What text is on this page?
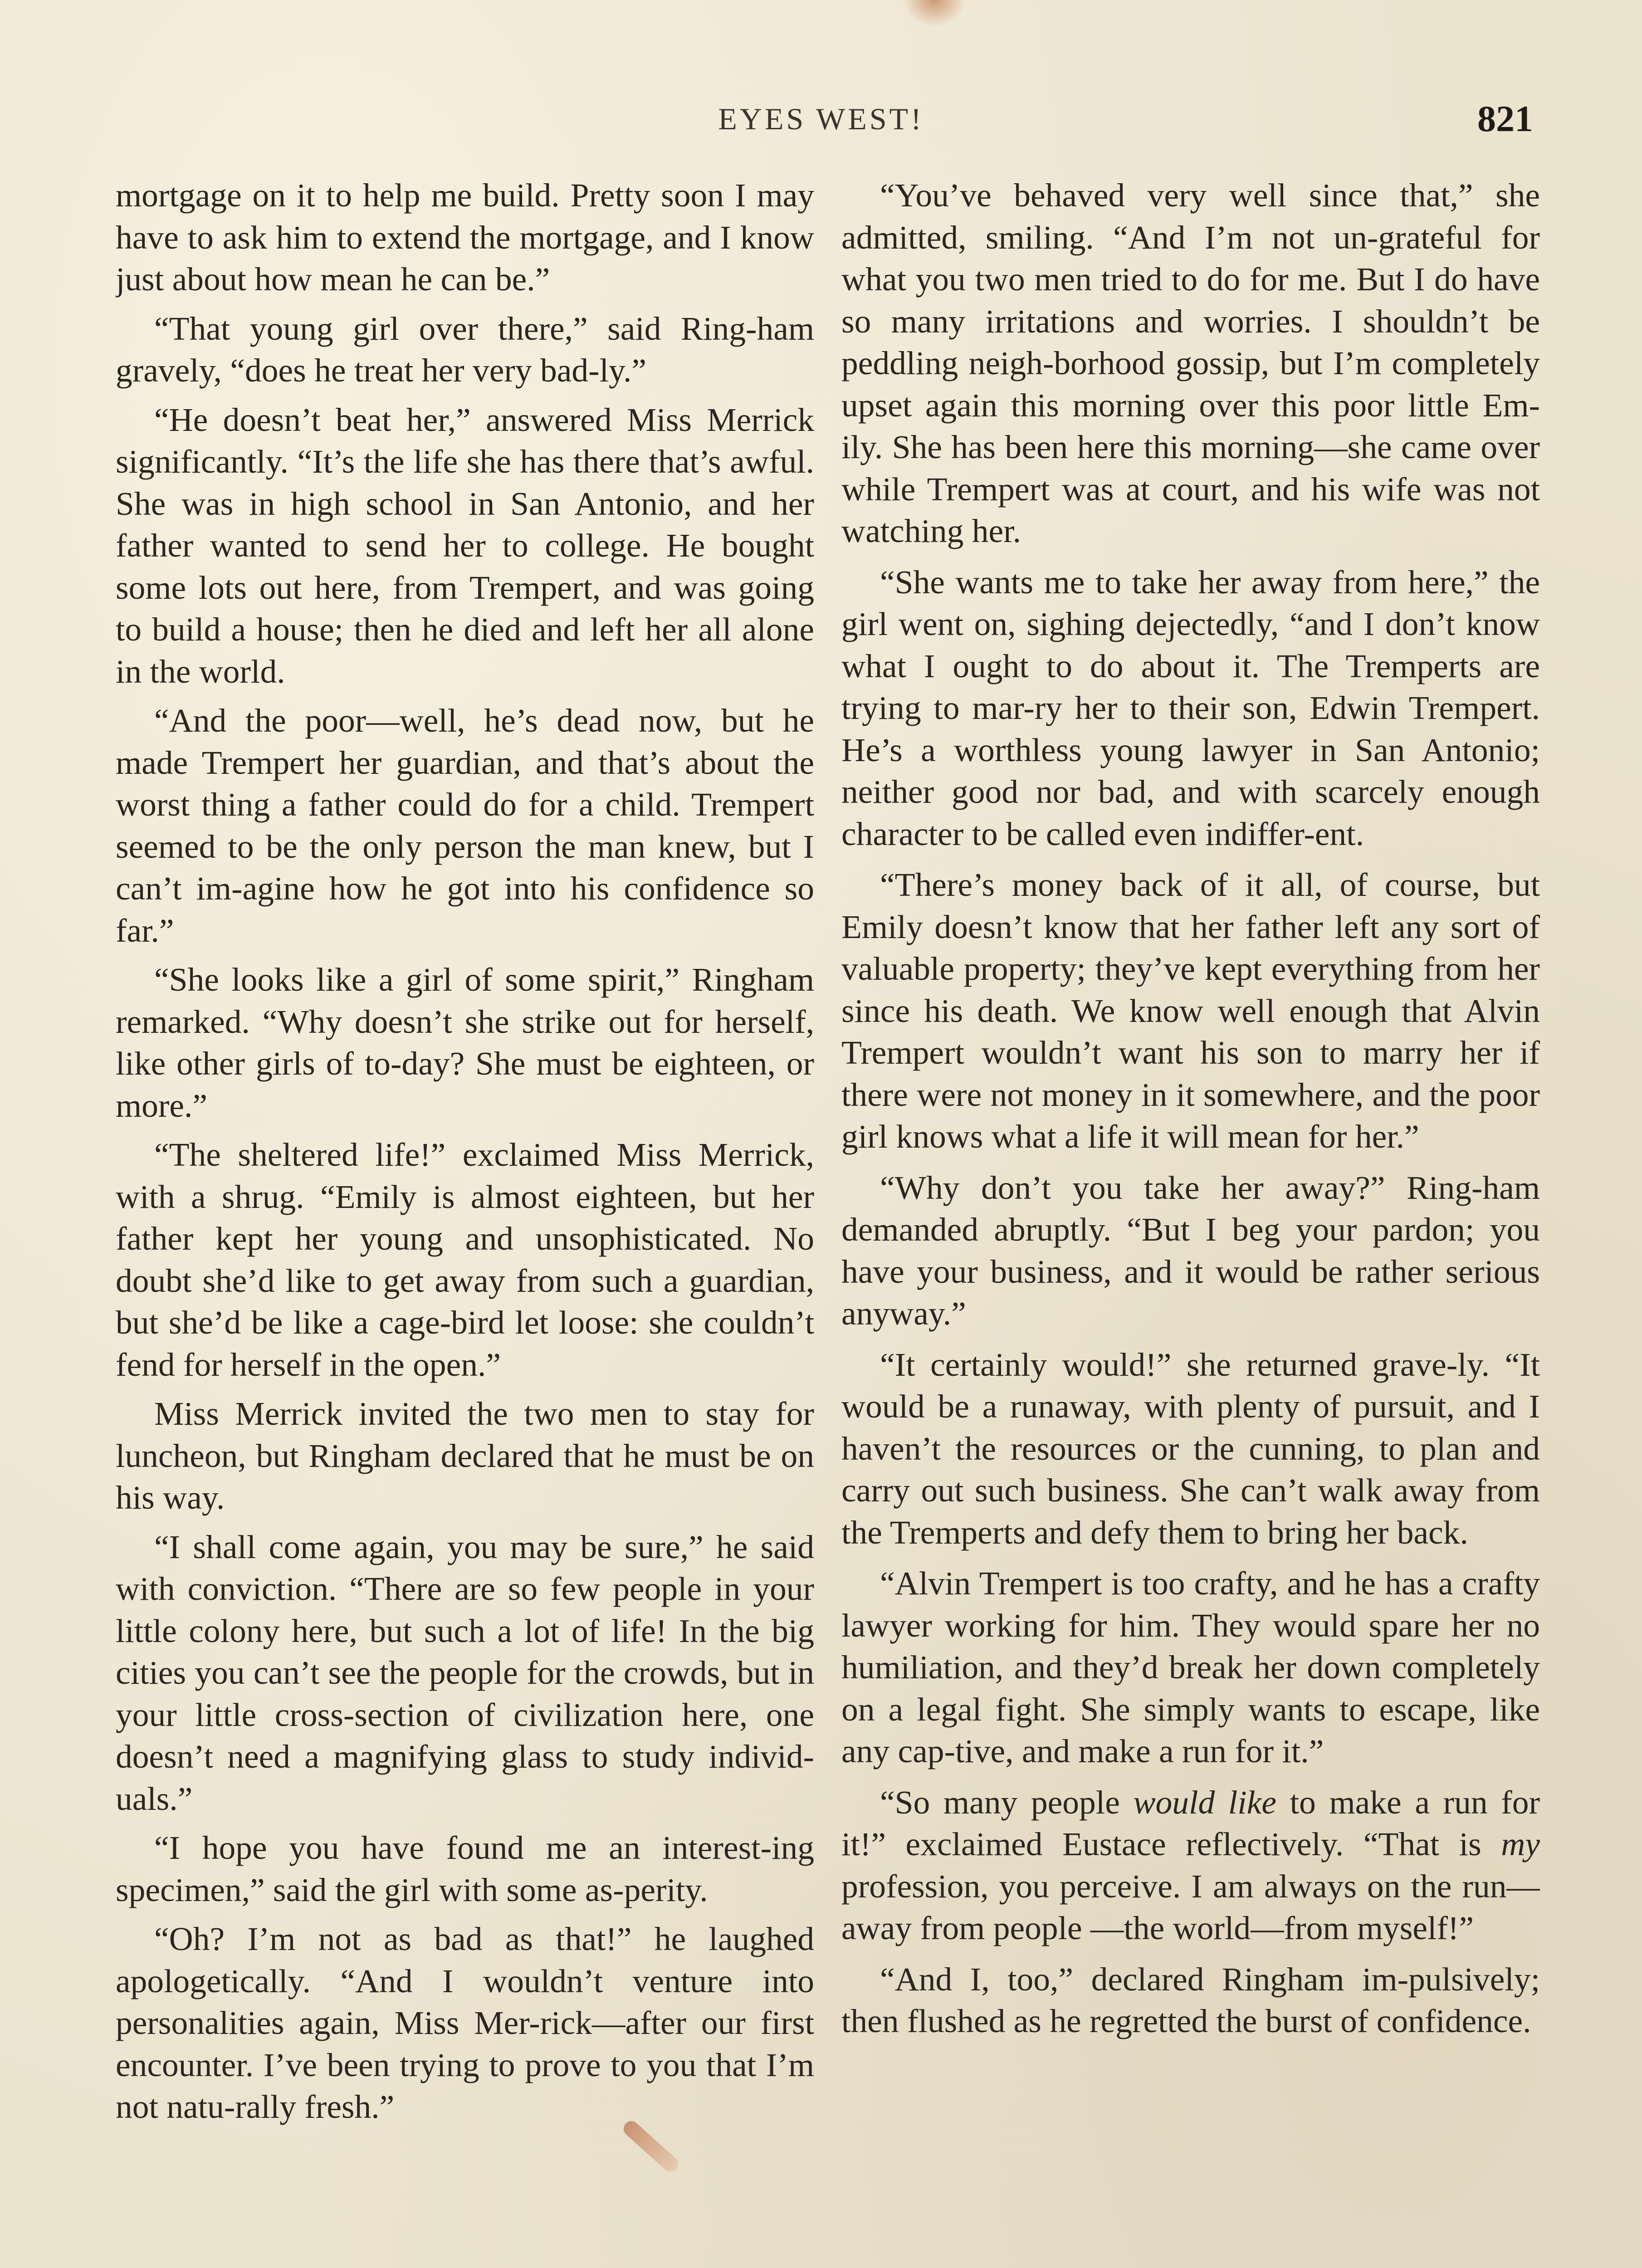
EYES WEST!	821

mortgage on it to help me build. Pretty soon I may have to ask him to extend the mortgage, and I know just about how mean he can be.”

“That young girl over there,” said Ring-ham gravely, “does he treat her very bad-ly.”

“He doesn’t beat her,” answered Miss Merrick significantly. “It’s the life she has there that’s awful. She was in high school in San Antonio, and her father wanted to send her to college. He bought some lots out here, from Trempert, and was going to build a house; then he died and left her all alone in the world.

“And the poor—well, he’s dead now, but he made Trempert her guardian, and that’s about the worst thing a father could do for a child. Trempert seemed to be the only person the man knew, but I can’t im-agine how he got into his confidence so far.”

“She looks like a girl of some spirit,” Ringham remarked. “Why doesn’t she strike out for herself, like other girls of to-day? She must be eighteen, or more.”

“The sheltered life!” exclaimed Miss Merrick, with a shrug. “Emily is almost eighteen, but her father kept her young and unsophisticated. No doubt she’d like to get away from such a guardian, but she’d be like a cage-bird let loose: she couldn’t fend for herself in the open.”

Miss Merrick invited the two men to stay for luncheon, but Ringham declared that he must be on his way.

“I shall come again, you may be sure,” he said with conviction. “There are so few people in your little colony here, but such a lot of life! In the big cities you can’t see the people for the crowds, but in your little cross-section of civilization here, one doesn’t need a magnifying glass to study individ-uals.”

“I hope you have found me an interest-ing specimen,” said the girl with some as-perity.

“Oh? I’m not as bad as that!” he laughed apologetically. “And I wouldn’t venture into personalities again, Miss Mer-rick—after our first encounter. I’ve been trying to prove to you that I’m not natu-rally fresh.”

“You’ve behaved very well since that,” she admitted, smiling. “And I’m not un-grateful for what you two men tried to do for me. But I do have so many irritations and worries. I shouldn’t be peddling neigh-borhood gossip, but I’m completely upset again this morning over this poor little Em-ily. She has been here this morning—she came over while Trempert was at court, and his wife was not watching her.

“She wants me to take her away from here,” the girl went on, sighing dejectedly, “and I don’t know what I ought to do about it. The Tremperts are trying to mar-ry her to their son, Edwin Trempert. He’s a worthless young lawyer in San Antonio; neither good nor bad, and with scarcely enough character to be called even indiffer-ent.

“There’s money back of it all, of course, but Emily doesn’t know that her father left any sort of valuable property; they’ve kept everything from her since his death. We know well enough that Alvin Trempert wouldn’t want his son to marry her if there were not money in it somewhere, and the poor girl knows what a life it will mean for her.”

“Why don’t you take her away?” Ring-ham demanded abruptly. “But I beg your pardon; you have your business, and it would be rather serious anyway.”

“It certainly would!” she returned grave-ly. “It would be a runaway, with plenty of pursuit, and I haven’t the resources or the cunning, to plan and carry out such business. She can’t walk away from the Tremperts and defy them to bring her back.

“Alvin Trempert is too crafty, and he has a crafty lawyer working for him. They would spare her no humiliation, and they’d break her down completely on a legal fight. She simply wants to escape, like any cap-tive, and make a run for it.”

“So many people would like to make a run for it!” exclaimed Eustace reflectively. “That is my profession, you perceive. I am always on the run—away from people —the world—from myself!”

“And I, too,” declared Ringham im-pulsively; then flushed as he regretted the burst of confidence.
